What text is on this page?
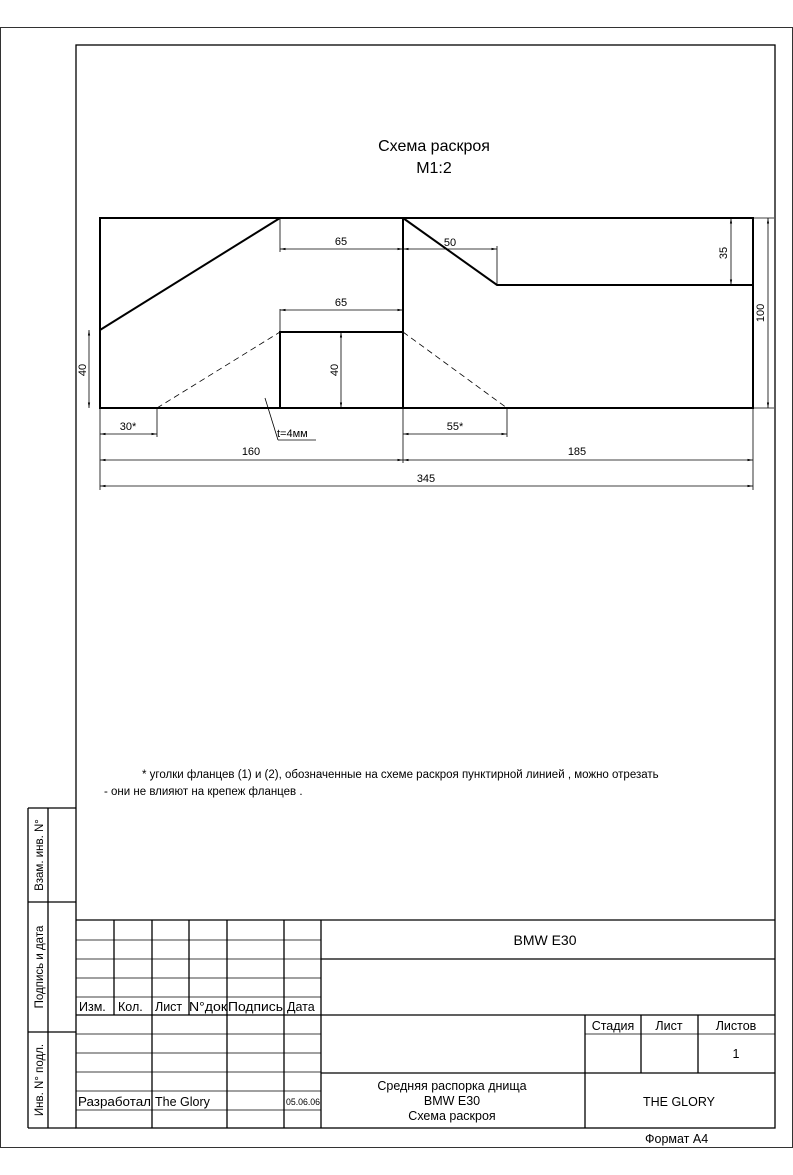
Схема раскроя
М1:2
65	50
35
100
65
40	40
t=4мм
30*	55*
160	185
345
* уголки фланцев (1) и (2), обозначенные на схеме раскроя пунктирной линией , можно отрезать
- они не влияют на крепеж фланцев .
Взам. инв. N°
Подпись и дата
Инв. N° подл.
Изм. Кол. Лист N°док Подпись Дата
BMW E30
Стадия Лист	Листов
1
Разработал The Glory	05.06.06
Средняя распорка днища
BMW E30
Схема раскроя
THE GLORY
Формат А4
